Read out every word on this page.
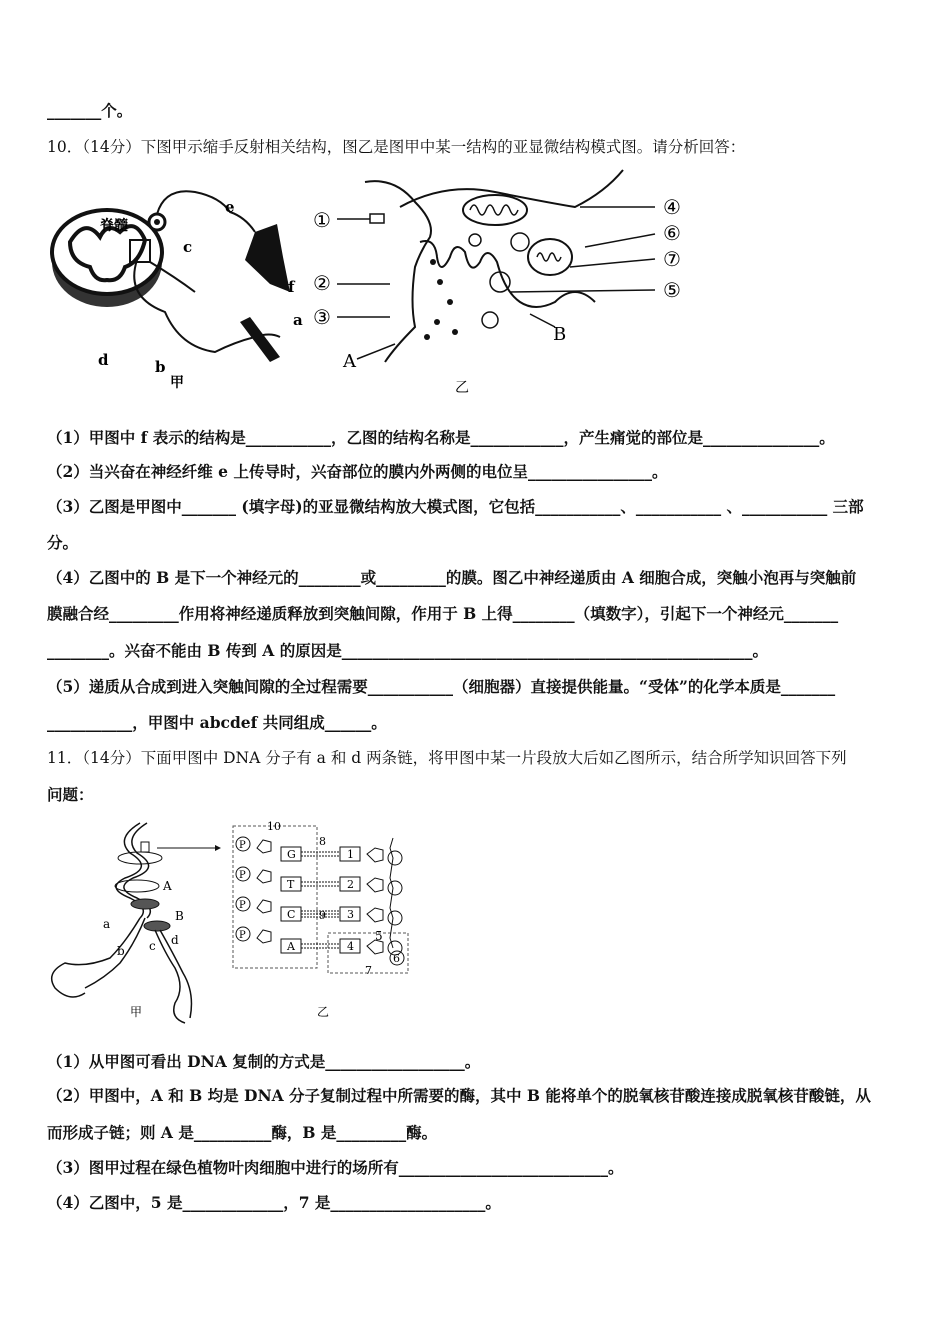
_______个。
10．（14分）下图甲示缩手反射相关结构，图乙是图甲中某一结构的亚显微结构模式图。请分析回答：
脊髓
a
b
c
d
e
f
甲
①
②
③
④
⑤
⑥
⑦
A
B
乙
（1）甲图中 f 表示的结构是___________，乙图的结构名称是____________，产生痛觉的部位是_______________。
（2）当兴奋在神经纤维 e 上传导时，兴奋部位的膜内外两侧的电位呈________________。
（3）乙图是甲图中_______ (填字母)的亚显微结构放大模式图，它包括___________、___________ 、___________ 三部
分。
（4）乙图中的 B 是下一个神经元的________或_________的膜。图乙中神经递质由 A 细胞合成，突触小泡再与突触前
膜融合经_________作用将神经递质释放到突触间隙，作用于 B 上得________（填数字），引起下一个神经元_______
________。兴奋不能由 B 传到 A 的原因是_____________________________________________________。
（5）递质从合成到进入突触间隙的全过程需要___________（细胞器）直接提供能量。“受体”的化学本质是_______
___________，甲图中 abcdef 共同组成______。
11．（14分）下面甲图中 DNA 分子有 a 和 d 两条链，将甲图中某一片段放大后如乙图所示，结合所学知识回答下列
问题：
A
B
a
b c d
甲
10
P
G	1
P
T	2
P
C	3
P
A	4
8
9
5
6
7
乙
（1）从甲图可看出 DNA 复制的方式是__________________。
（2）甲图中，A 和 B 均是 DNA 分子复制过程中所需要的酶，其中 B 能将单个的脱氧核苷酸连接成脱氧核苷酸链，从
而形成子链；则 A 是__________酶，B 是_________酶。
（3）图甲过程在绿色植物叶肉细胞中进行的场所有___________________________。
（4）乙图中，5 是_____________，7 是____________________。
